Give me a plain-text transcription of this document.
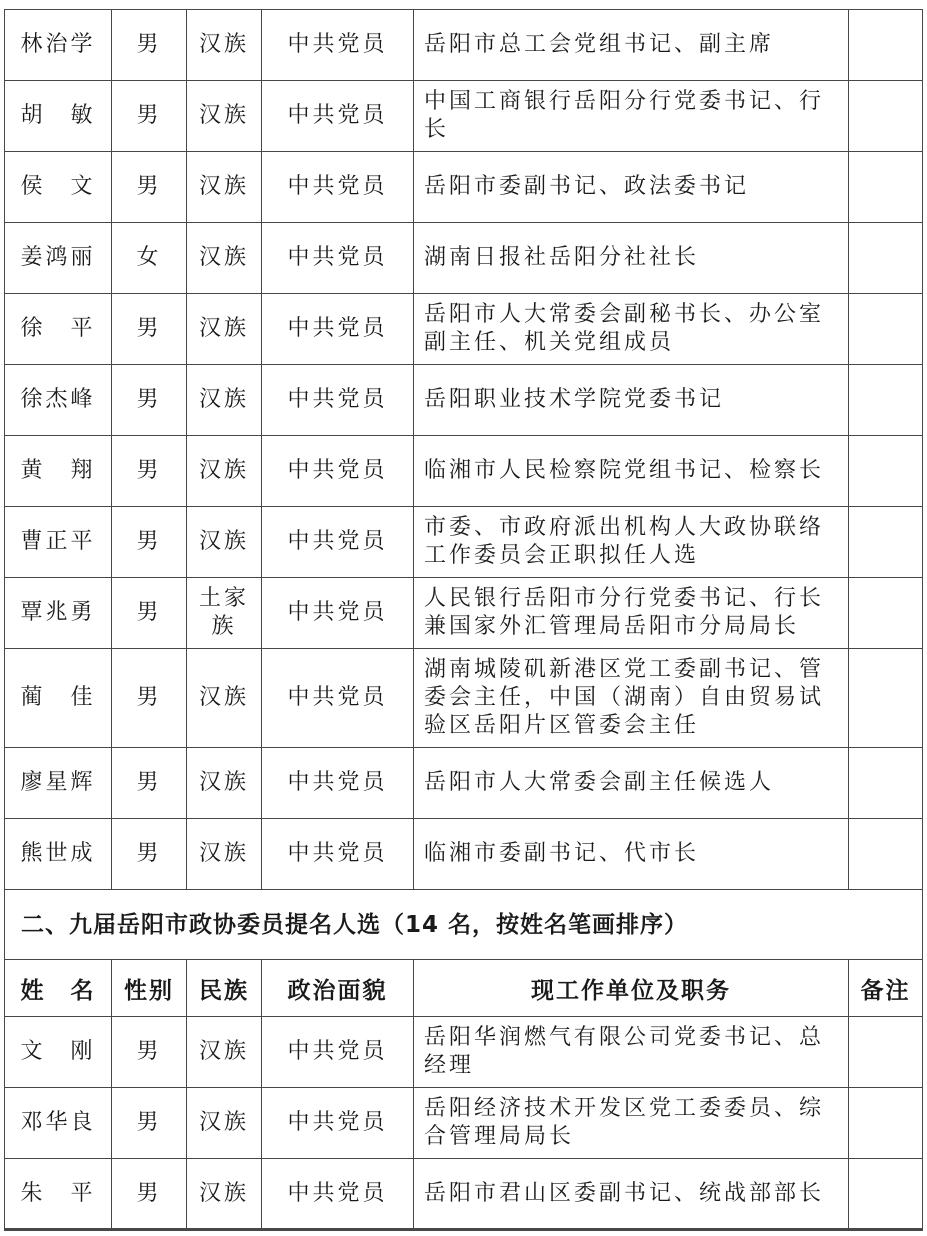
林治学	男	汉族	中共党员	岳阳市总工会党组书记、副主席	
胡　敏	男	汉族	中共党员	中国工商银行岳阳分行党委书记、行长	
侯　文	男	汉族	中共党员	岳阳市委副书记、政法委书记	
姜鸿丽	女	汉族	中共党员	湖南日报社岳阳分社社长	
徐　平	男	汉族	中共党员	岳阳市人大常委会副秘书长、办公室副主任、机关党组成员	
徐杰峰	男	汉族	中共党员	岳阳职业技术学院党委书记	
黄　翔	男	汉族	中共党员	临湘市人民检察院党组书记、检察长	
曹正平	男	汉族	中共党员	市委、市政府派出机构人大政协联络工作委员会正职拟任人选	
覃兆勇	男	土家族	中共党员	人民银行岳阳市分行党委书记、行长兼国家外汇管理局岳阳市分局局长	
蔺　佳	男	汉族	中共党员	湖南城陵矶新港区党工委副书记、管委会主任，中国（湖南）自由贸易试验区岳阳片区管委会主任	
廖星辉	男	汉族	中共党员	岳阳市人大常委会副主任候选人	
熊世成	男	汉族	中共党员	临湘市委副书记、代市长	
二、九届岳阳市政协委员提名人选（14 名，按姓名笔画排序）					
姓　名	性别	民族	政治面貌	现工作单位及职务	备注
文　刚	男	汉族	中共党员	岳阳华润燃气有限公司党委书记、总经理	
邓华良	男	汉族	中共党员	岳阳经济技术开发区党工委委员、综合管理局局长	
朱　平	男	汉族	中共党员	岳阳市君山区委副书记、统战部部长	
